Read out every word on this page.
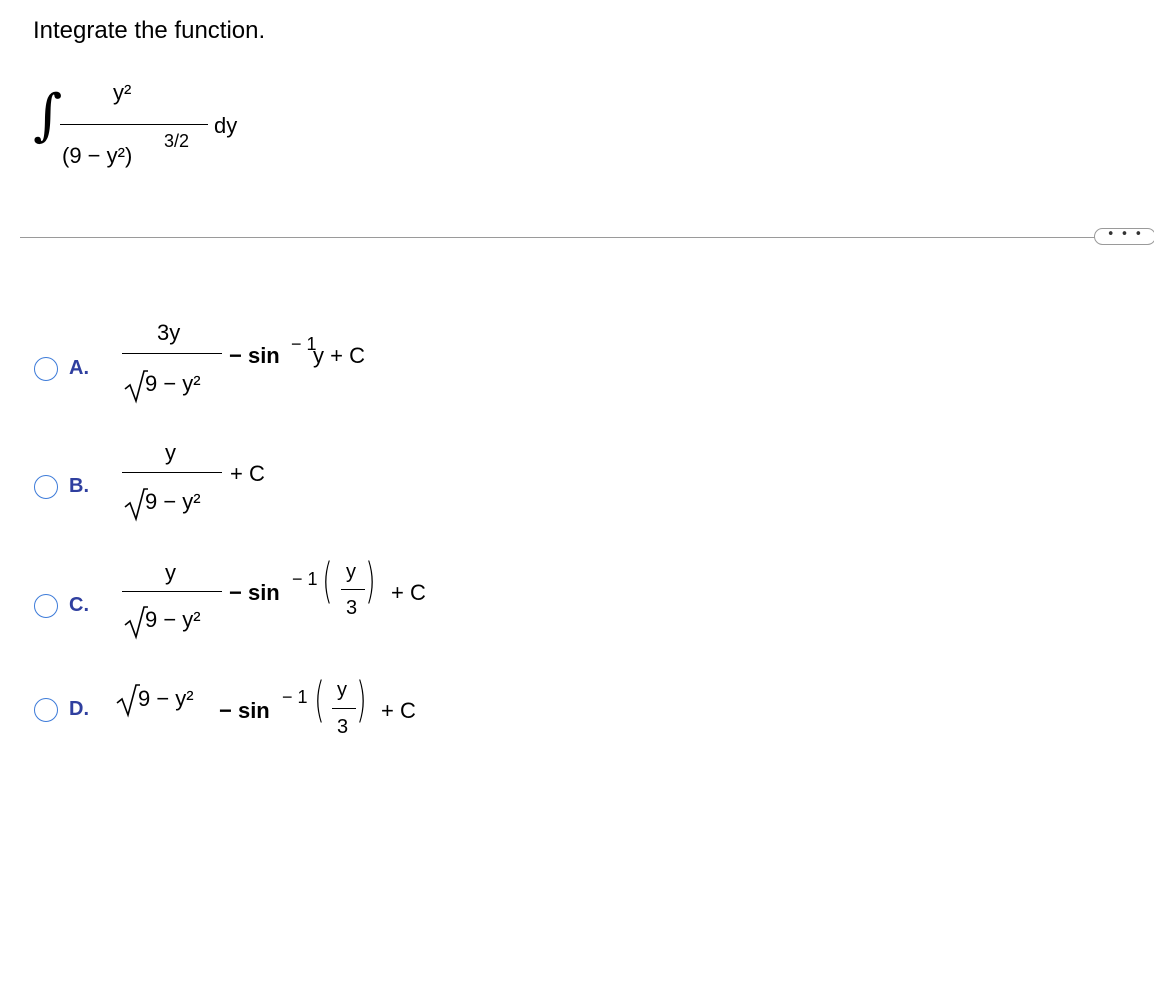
Integrate the function.
∫ y²
(9 − y²)
3/2
dy
• • •
A.
3y
9 − y²
− sin − 1
y + C
B.
y
9 − y²
+ C
C.
y
9 − y²
− sin
− 1 ( y
3 ) + C
D. 9 − y² − sin
− 1 ( y
3 ) + C
